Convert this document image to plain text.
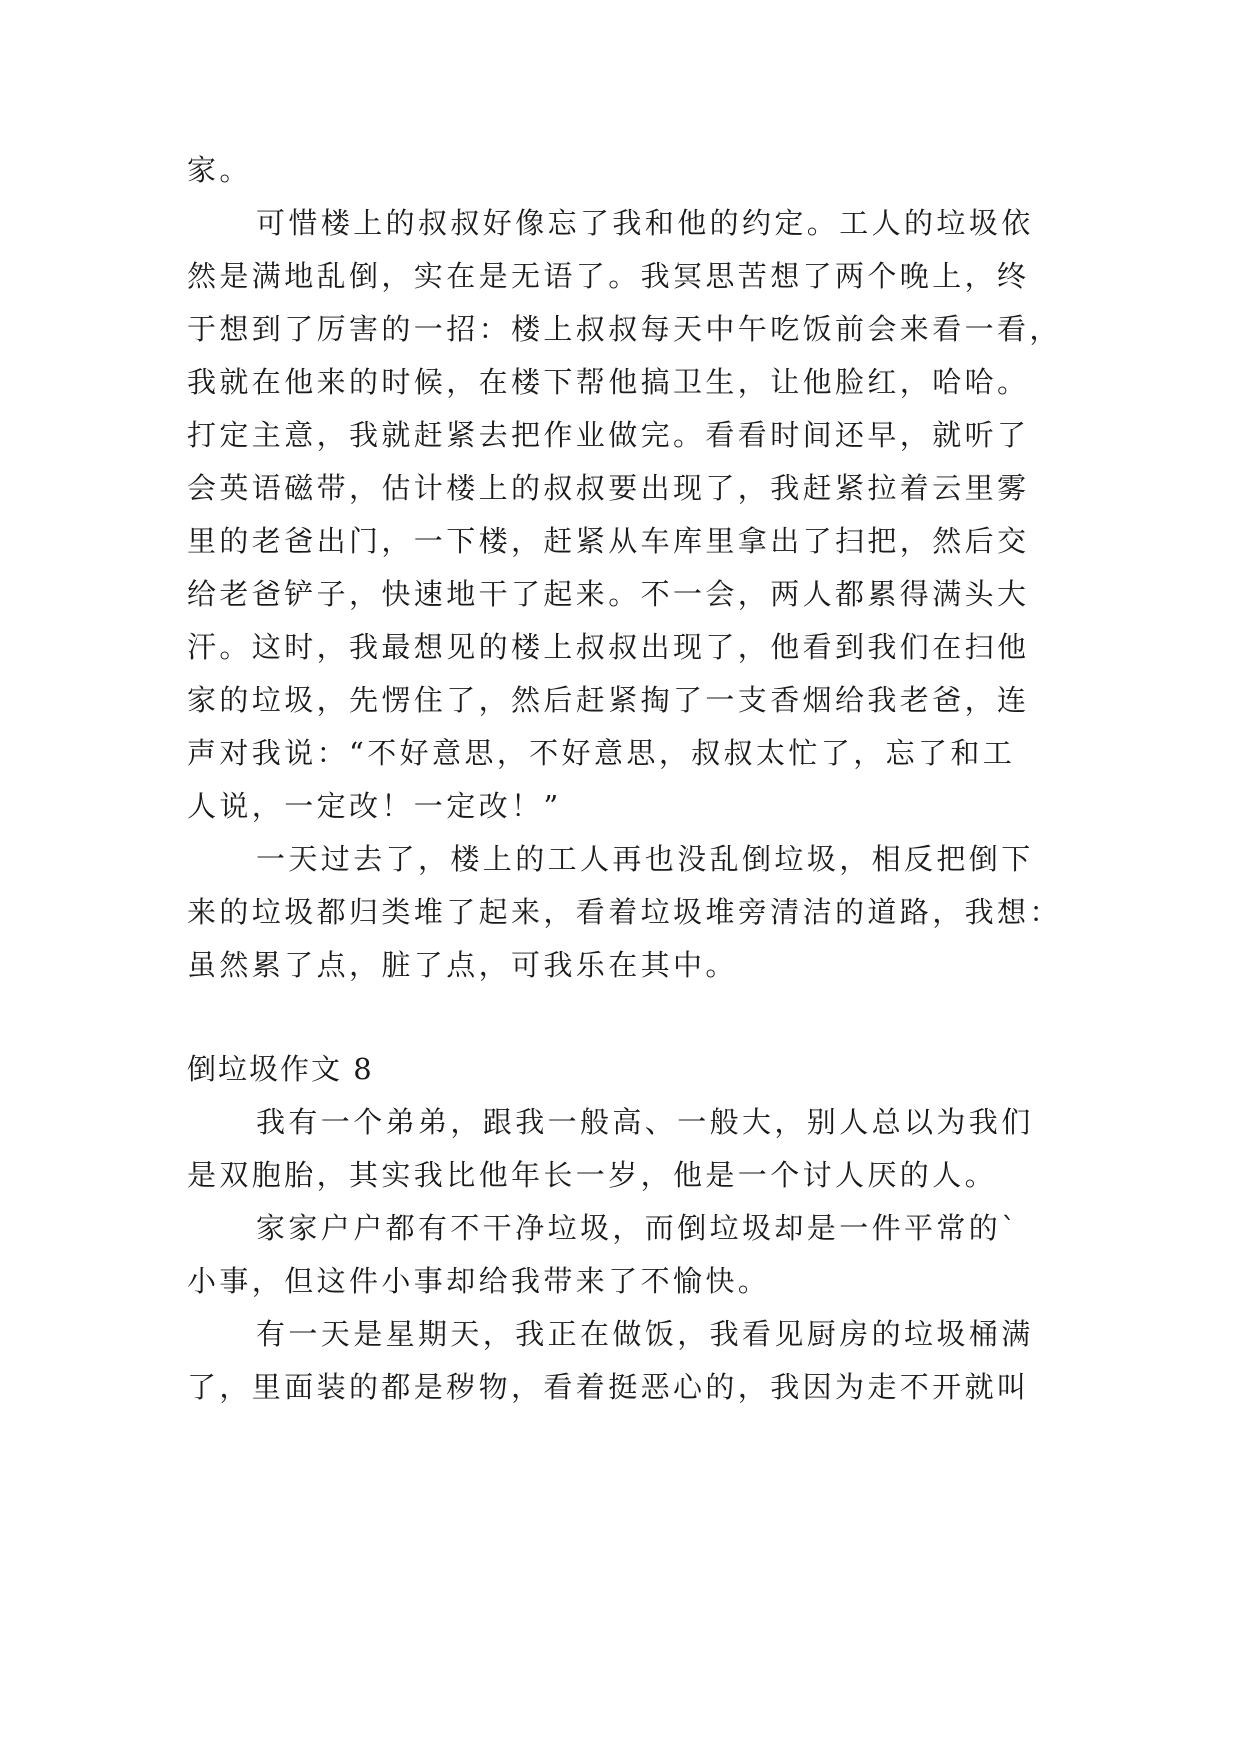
家。
可惜楼上的叔叔好像忘了我和他的约定。工人的垃圾依
然是满地乱倒，实在是无语了。我冥思苦想了两个晚上，终
于想到了厉害的一招：楼上叔叔每天中午吃饭前会来看一看，
我就在他来的时候，在楼下帮他搞卫生，让他脸红，哈哈。
打定主意，我就赶紧去把作业做完。看看时间还早，就听了
会英语磁带，估计楼上的叔叔要出现了，我赶紧拉着云里雾
里的老爸出门，一下楼，赶紧从车库里拿出了扫把，然后交
给老爸铲子，快速地干了起来。不一会，两人都累得满头大
汗。这时，我最想见的楼上叔叔出现了，他看到我们在扫他
家的垃圾，先愣住了，然后赶紧掏了一支香烟给我老爸，连
声对我说：“不好意思，不好意思，叔叔太忙了，忘了和工
人说，一定改！一定改！”
一天过去了，楼上的工人再也没乱倒垃圾，相反把倒下
来的垃圾都归类堆了起来，看着垃圾堆旁清洁的道路，我想：
虽然累了点，脏了点，可我乐在其中。
倒垃圾作文 8
我有一个弟弟，跟我一般高、一般大，别人总以为我们
是双胞胎，其实我比他年长一岁，他是一个讨人厌的人。
家家户户都有不干净垃圾，而倒垃圾却是一件平常的`
小事，但这件小事却给我带来了不愉快。
有一天是星期天，我正在做饭，我看见厨房的垃圾桶满
了，里面装的都是秽物，看着挺恶心的，我因为走不开就叫
